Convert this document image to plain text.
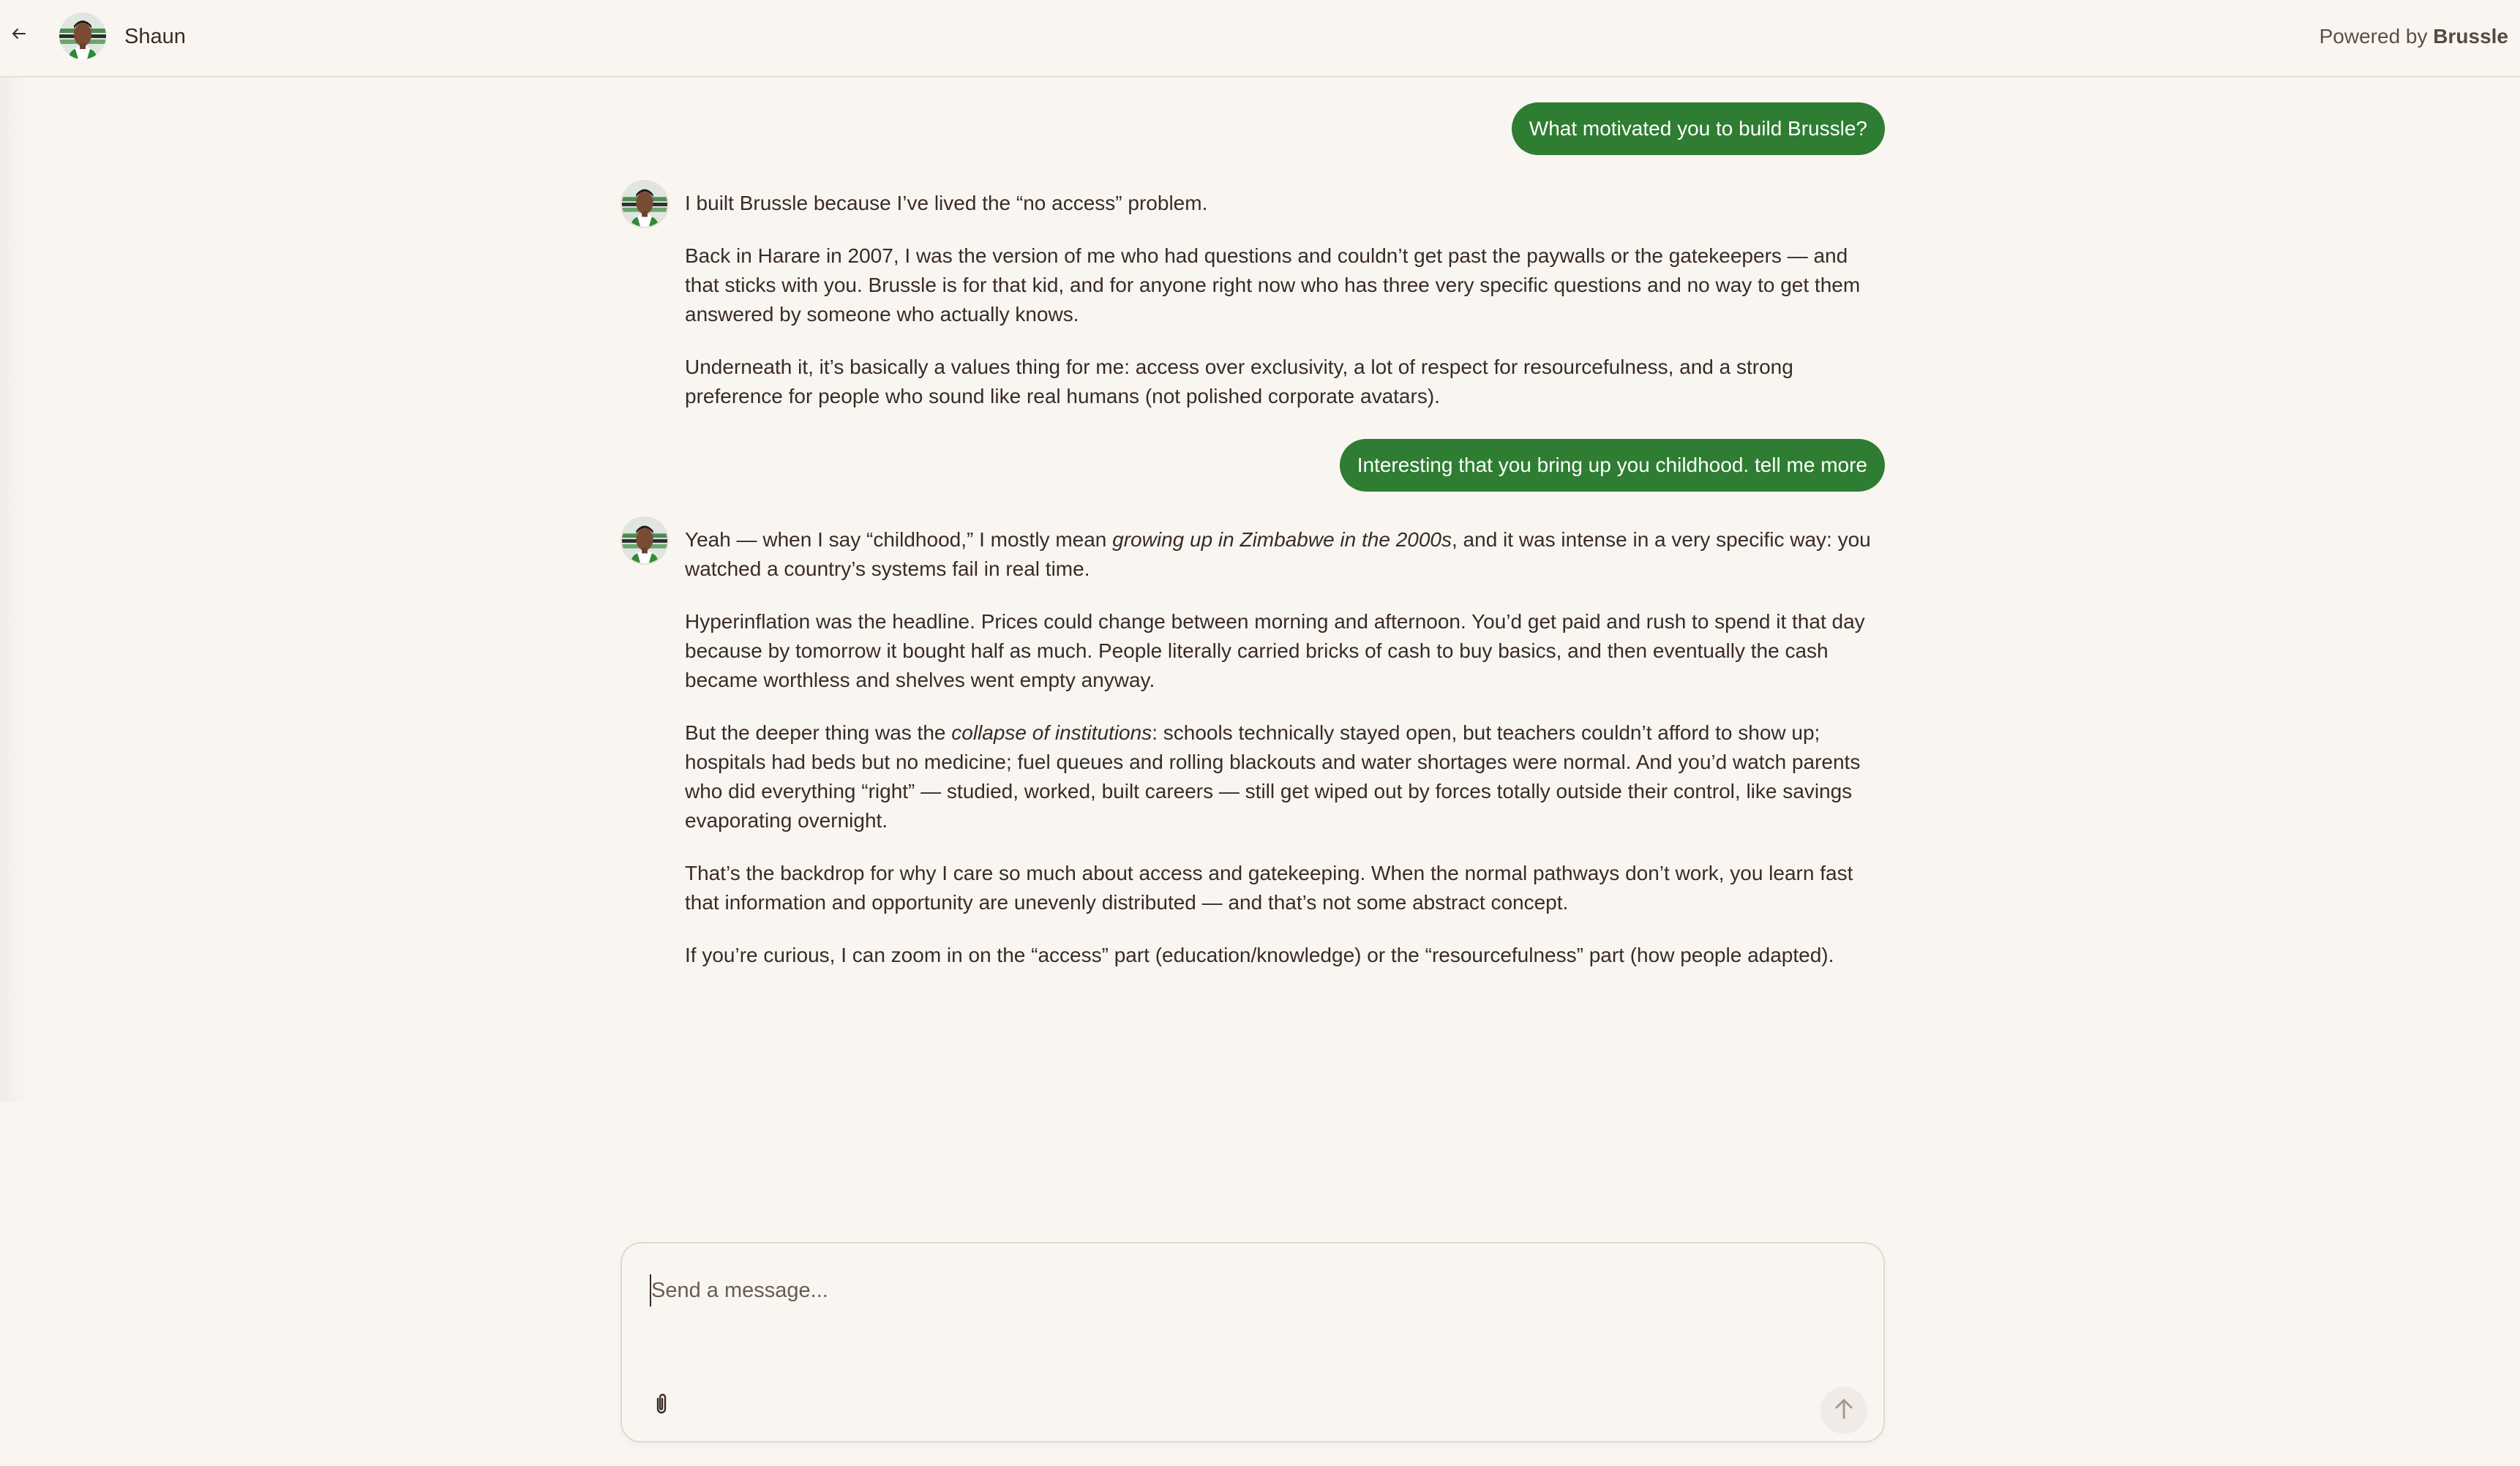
Shaun	Powered by Brussle
What motivated you to build Brussle?

I built Brussle because I’ve lived the “no access” problem.

Back in Harare in 2007, I was the version of me who had questions and couldn’t get past the paywalls or the gatekeepers — and that sticks with you. Brussle is for that kid, and for anyone right now who has three very specific questions and no way to get them answered by someone who actually knows.

Underneath it, it’s basically a values thing for me: access over exclusivity, a lot of respect for resourcefulness, and a strong preference for people who sound like real humans (not polished corporate avatars).

Interesting that you bring up you childhood. tell me more

Yeah — when I say “childhood,” I mostly mean growing up in Zimbabwe in the 2000s, and it was intense in a very specific way: you watched a country’s systems fail in real time.

Hyperinflation was the headline. Prices could change between morning and afternoon. You’d get paid and rush to spend it that day because by tomorrow it bought half as much. People literally carried bricks of cash to buy basics, and then eventually the cash became worthless and shelves went empty anyway.

But the deeper thing was the collapse of institutions: schools technically stayed open, but teachers couldn’t afford to show up; hospitals had beds but no medicine; fuel queues and rolling blackouts and water shortages were normal. And you’d watch parents who did everything “right” — studied, worked, built careers — still get wiped out by forces totally outside their control, like savings evaporating overnight.

That’s the backdrop for why I care so much about access and gatekeeping. When the normal pathways don’t work, you learn fast that information and opportunity are unevenly distributed — and that’s not some abstract concept.

If you’re curious, I can zoom in on the “access” part (education/knowledge) or the “resourcefulness” part (how people adapted).

Send a message...
